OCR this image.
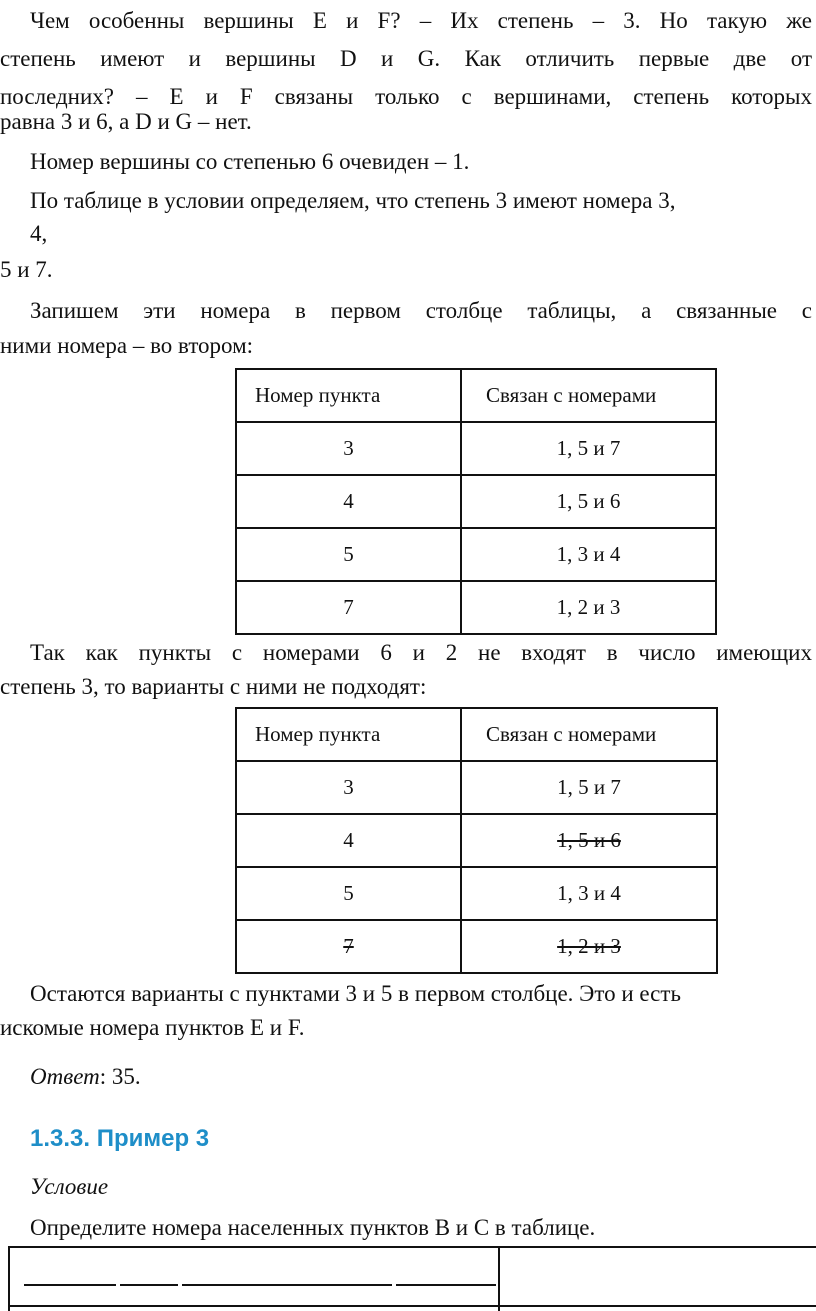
Чем особенны вершины E и F? – Их степень – 3. Но такую же

степень имеют и вершины D и G. Как отличить первые две от

последних? – E и F связаны только с вершинами, степень которых

равна 3 и 6, а D и G – нет.

Номер вершины со степенью 6 очевиден – 1.

По таблице в условии определяем, что степень 3 имеют номера 3,

4,

5 и 7.

Запишем эти номера в первом столбце таблицы, а связанные с

ними номера – во втором:

Номер пункта	Связан с номерами
3	1, 5 и 7
4	1, 5 и 6
5	1, 3 и 4
7	1, 2 и 3

Так как пункты с номерами 6 и 2 не входят в число имеющих

степень 3, то варианты с ними не подходят:

Номер пункта	Связан с номерами
3	1, 5 и 7
4	1, 5 и 6
5	1, 3 и 4
7	1, 2 и 3

Остаются варианты с пунктами 3 и 5 в первом столбце. Это и есть

искомые номера пунктов E и F.

Ответ: 35.

1.3.3. Пример 3

Условие

Определите номера населенных пунктов B и C в таблице.
